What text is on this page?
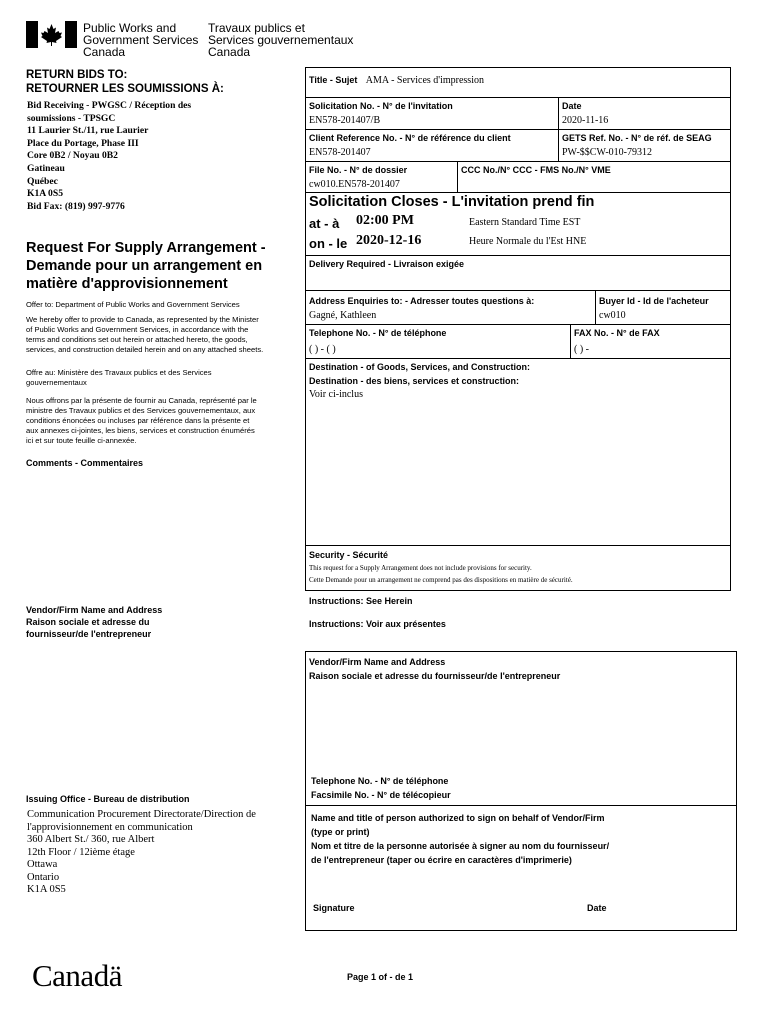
Public Works and
Government Services
Canada
Travaux publics et
Services gouvernementaux
Canada
RETURN BIDS TO:
RETOURNER LES SOUMISSIONS À:
Bid Receiving - PWGSC / Réception des
soumissions - TPSGC
11 Laurier St./11, rue Laurier
Place du Portage, Phase III
Core 0B2 / Noyau 0B2
Gatineau
Québec
K1A 0S5
Bid Fax: (819) 997-9776
Request For Supply Arrangement -
Demande pour un arrangement en
matière d'approvisionnement
Offer to: Department of Public Works and Government Services
We hereby offer to provide to Canada, as represented by the Minister
of Public Works and Government Services, in accordance with the
terms and conditions set out herein or attached hereto, the goods,
services, and construction detailed herein and on any attached sheets.
Offre au: Ministère des Travaux publics et des Services
gouvernementaux
Nous offrons par la présente de fournir au Canada, représenté par le
ministre des Travaux publics et des Services gouvernementaux, aux
conditions énoncées ou incluses par référence dans la présente et
aux annexes ci-jointes, les biens, services et construction énumérés
ici et sur toute feuille ci-annexée.
Comments - Commentaires
Vendor/Firm Name and Address
Raison sociale et adresse du
fournisseur/de l'entrepreneur
Issuing Office - Bureau de distribution
Communication Procurement Directorate/Direction de
l'approvisionnement en communication
360 Albert St./ 360, rue Albert
12th Floor / 12ième étage
Ottawa
Ontario
K1A 0S5
Title - Sujet AMA - Services d'impression
Solicitation No. - N° de l'invitation
EN578-201407/B
Date
2020-11-16
Client Reference No. - N° de référence du client
EN578-201407
GETS Ref. No. - N° de réf. de SEAG
PW-$$CW-010-79312
File No. - N° de dossier
cw010.EN578-201407
CCC No./N° CCC - FMS No./N° VME
Solicitation Closes - L'invitation prend fin
at - à 02:00 PM	Eastern Standard Time EST
on - le 2020-12-16	Heure Normale du l'Est HNE
Delivery Required - Livraison exigée
Address Enquiries to: - Adresser toutes questions à:
Gagné, Kathleen
Buyer Id - Id de l'acheteur
cw010
Telephone No. - N° de téléphone
( ) - ( )
FAX No. - N° de FAX
( ) -
Destination - of Goods, Services, and Construction:
Destination - des biens, services et construction:
Voir ci-inclus
Security - Sécurité
This request for a Supply Arrangement does not include provisions for security.
Cette Demande pour un arrangement ne comprend pas des dispositions en matière de sécurité.
Instructions: See Herein
Instructions: Voir aux présentes
Vendor/Firm Name and Address
Raison sociale et adresse du fournisseur/de l'entrepreneur
Telephone No. - N° de téléphone
Facsimile No. - N° de télécopieur
Name and title of person authorized to sign on behalf of Vendor/Firm
(type or print)
Nom et titre de la personne autorisée à signer au nom du fournisseur/
de l'entrepreneur (taper ou écrire en caractères d'imprimerie)
Signature	Date
Canadä	Page 1 of - de 1
